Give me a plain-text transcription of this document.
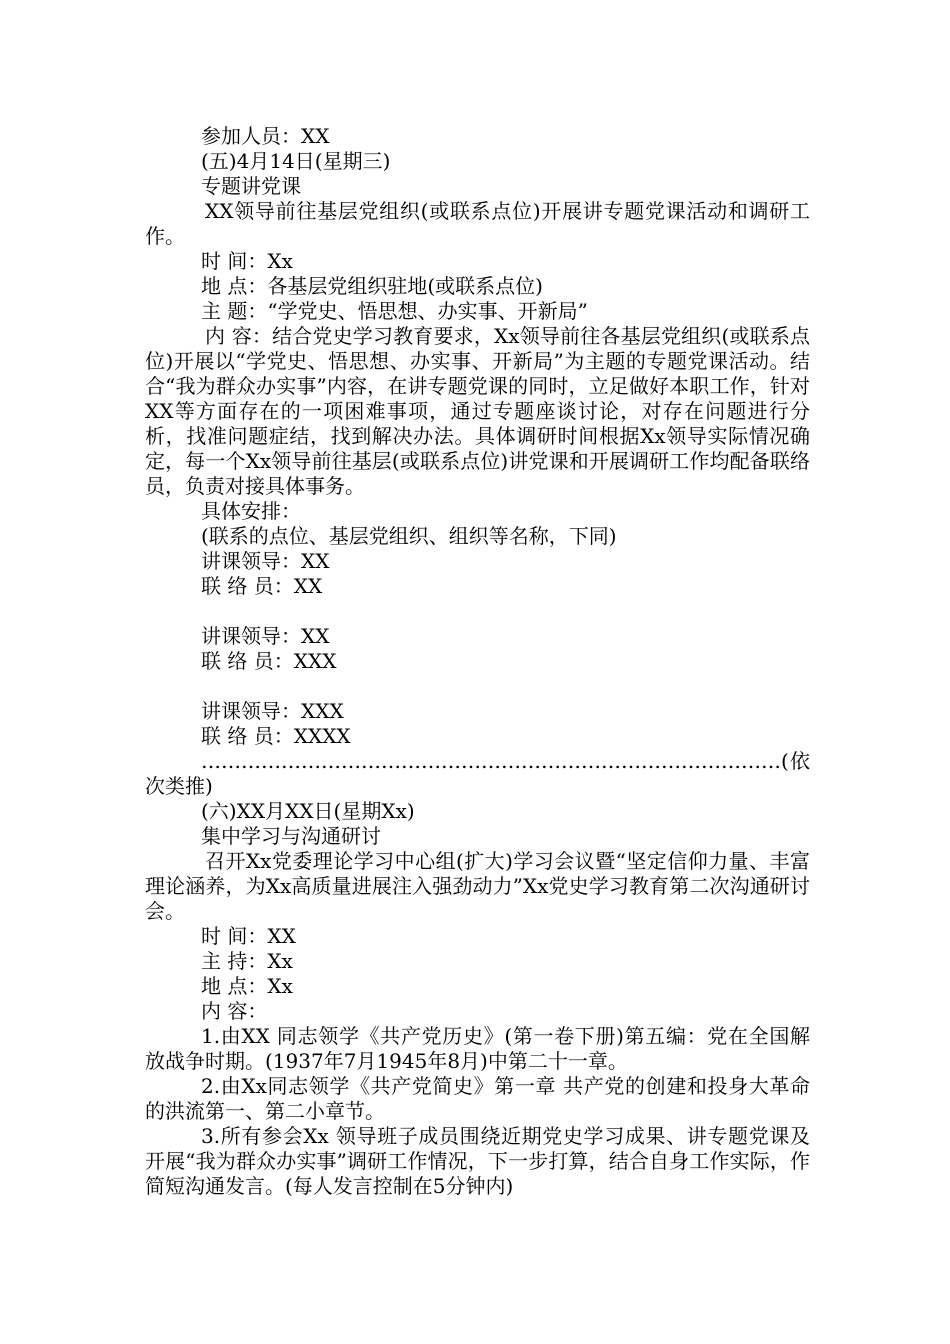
参加人员：XX

(五)4月14日(星期三)

专题讲党课

XX领导前往基层党组织(或联系点位)开展讲专题党课活动和调研工作。

时 间：Xx

地 点：各基层党组织驻地(或联系点位)

主 题：“学党史、悟思想、办实事、开新局”

内 容：结合党史学习教育要求，Xx领导前往各基层党组织(或联系点位)开展以“学党史、悟思想、办实事、开新局”为主题的专题党课活动。结合“我为群众办实事”内容，在讲专题党课的同时，立足做好本职工作，针对XX等方面存在的一项困难事项，通过专题座谈讨论，对存在问题进行分析，找准问题症结，找到解决办法。具体调研时间根据Xx领导实际情况确定，每一个Xx领导前往基层(或联系点位)讲党课和开展调研工作均配备联络员，负责对接具体事务。

具体安排：

(联系的点位、基层党组织、组织等名称，下同)

讲课领导：XX

联 络 员：XX

讲课领导：XX

联 络 员：XXX

讲课领导：XXX

联 络 员：XXXX

……………………………………………………………………………(依次类推)

(六)XX月XX日(星期Xx)

集中学习与沟通研讨

召开Xx党委理论学习中心组(扩大)学习会议暨“坚定信仰力量、丰富理论涵养，为Xx高质量进展注入强劲动力”Xx党史学习教育第二次沟通研讨会。

时 间：XX

主 持：Xx

地 点：Xx

内 容：

1.由XX 同志领学《共产党历史》(第一卷下册)第五编：党在全国解放战争时期。(1937年7月1945年8月)中第二十一章。

2.由Xx同志领学《共产党简史》第一章 共产党的创建和投身大革命的洪流第一、第二小章节。

3.所有参会Xx 领导班子成员围绕近期党史学习成果、讲专题党课及开展“我为群众办实事”调研工作情况，下一步打算，结合自身工作实际，作简短沟通发言。(每人发言控制在5分钟内)
